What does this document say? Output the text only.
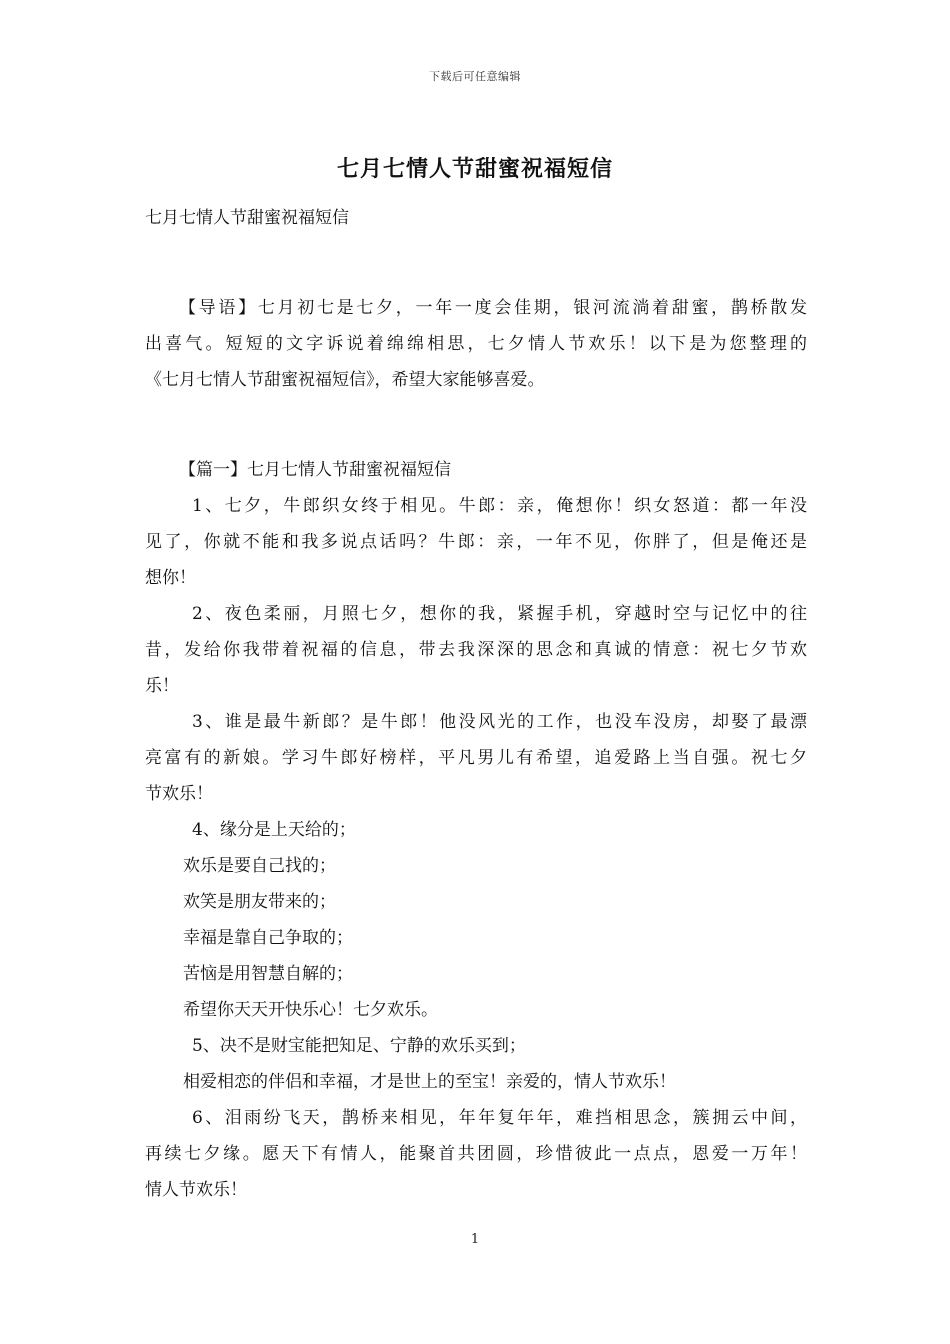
下载后可任意编辑
七月七情人节甜蜜祝福短信
七月七情人节甜蜜祝福短信
【导语】七月初七是七夕，一年一度会佳期，银河流淌着甜蜜，鹊桥散发
出喜气。短短的文字诉说着绵绵相思，七夕情人节欢乐！以下是为您整理的
《七月七情人节甜蜜祝福短信》，希望大家能够喜爱。
【篇一】七月七情人节甜蜜祝福短信
1、七夕，牛郎织女终于相见。牛郎：亲，俺想你！织女怒道：都一年没
见了，你就不能和我多说点话吗？牛郎：亲，一年不见，你胖了，但是俺还是
想你！
2、夜色柔丽，月照七夕，想你的我，紧握手机，穿越时空与记忆中的往
昔，发给你我带着祝福的信息，带去我深深的思念和真诚的情意：祝七夕节欢
乐！
3、谁是最牛新郎？是牛郎！他没风光的工作，也没车没房，却娶了最漂
亮富有的新娘。学习牛郎好榜样，平凡男儿有希望，追爱路上当自强。祝七夕
节欢乐！
4、缘分是上天给的；
欢乐是要自己找的；
欢笑是朋友带来的；
幸福是靠自己争取的；
苦恼是用智慧自解的；
希望你天天开快乐心！七夕欢乐。
5、决不是财宝能把知足、宁静的欢乐买到；
相爱相恋的伴侣和幸福，才是世上的至宝！亲爱的，情人节欢乐！
6、泪雨纷飞天，鹊桥来相见，年年复年年，难挡相思念，簇拥云中间，
再续七夕缘。愿天下有情人，能聚首共团圆，珍惜彼此一点点，恩爱一万年！
情人节欢乐！
1
